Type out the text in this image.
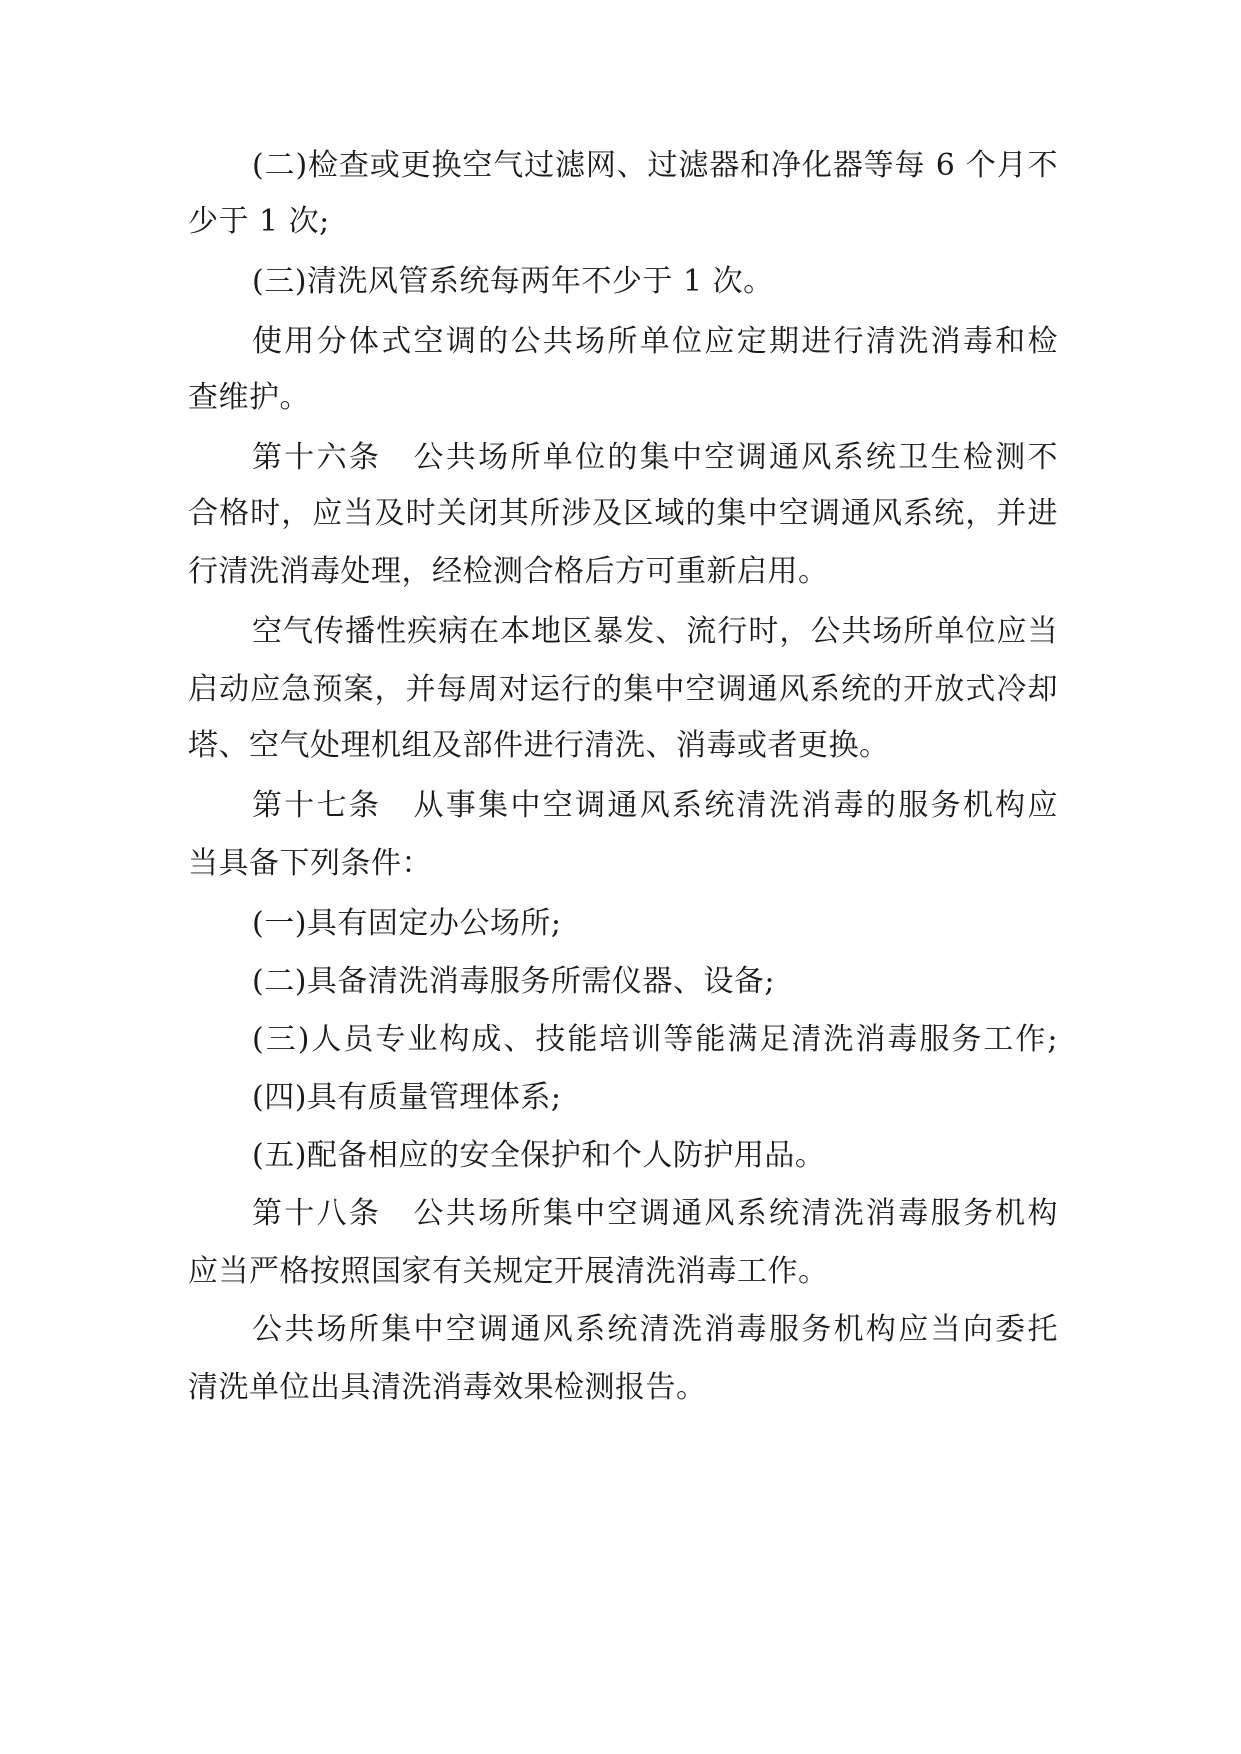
(二)检查或更换空气过滤网、过滤器和净化器等每 6 个月不
少于 1 次;
(三)清洗风管系统每两年不少于 1 次。
使用分体式空调的公共场所单位应定期进行清洗消毒和检
查维护。
第十六条　公共场所单位的集中空调通风系统卫生检测不
合格时，应当及时关闭其所涉及区域的集中空调通风系统，并进
行清洗消毒处理，经检测合格后方可重新启用。
空气传播性疾病在本地区暴发、流行时，公共场所单位应当
启动应急预案，并每周对运行的集中空调通风系统的开放式冷却
塔、空气处理机组及部件进行清洗、消毒或者更换。
第十七条　从事集中空调通风系统清洗消毒的服务机构应
当具备下列条件：
(一)具有固定办公场所;
(二)具备清洗消毒服务所需仪器、设备;
(三)人员专业构成、技能培训等能满足清洗消毒服务工作;
(四)具有质量管理体系;
(五)配备相应的安全保护和个人防护用品。
第十八条　公共场所集中空调通风系统清洗消毒服务机构
应当严格按照国家有关规定开展清洗消毒工作。
公共场所集中空调通风系统清洗消毒服务机构应当向委托
清洗单位出具清洗消毒效果检测报告。
